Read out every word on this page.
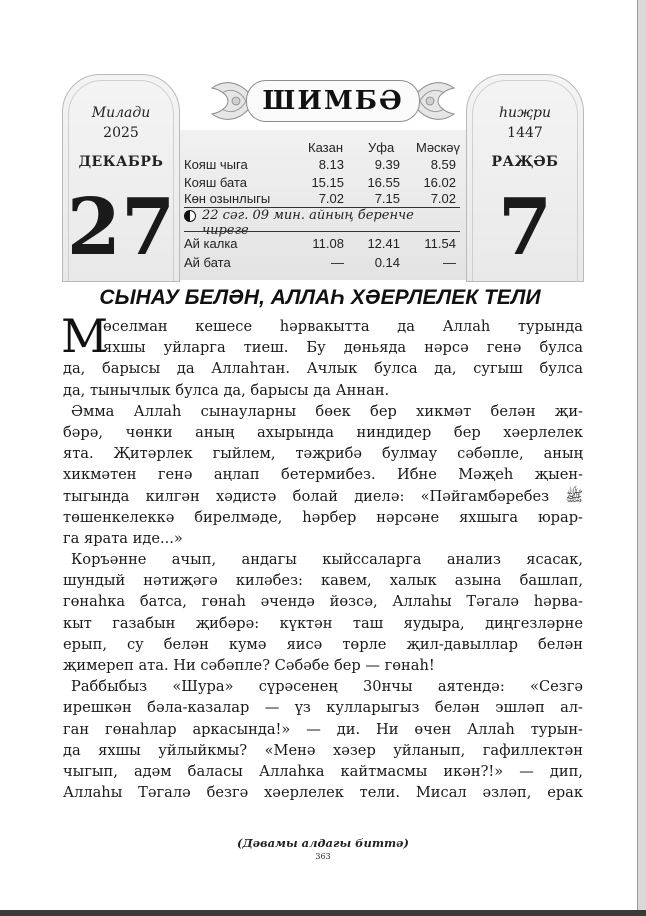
Милади
2025
ДЕКАБРЬ
27
һиҗри
1447
РАҖӘБ
7
ШИМБӘ
Казан Уфа Мәскәү
Кояш чыга	8.13	9.39	8.59
Кояш бата	15.15	16.55	16.02
Көн озынлыгы	7.02	7.15	7.02
22 сәг. 09 мин. айның беренче чирегe
Ай калка	11.08	12.41	11.54
Ай бата	—	0.14	—
СЫНАУ БЕЛӘН, АЛЛАҺ ХӘЕРЛЕЛЕК ТЕЛИ
М
өселман кешесе һәрвакытта да Аллаһ турында
яхшы уйларга тиеш. Бу дөньяда нәрсә генә булса
да, барысы да Аллаһтан. Ачлык булса да, сугыш булса
да, тынычлык булса да, барысы да Аннан.
Әмма Аллаһ сынауларны бөек бер хикмәт белән җи-
бәрә, чөнки аның ахырында ниндидер бер хәерлелек
ята. Җитәрлек гыйлем, тәҗрибә булмау сәбәпле, аның
хикмәтен генә аңлап бетермибез. Ибне Мәҗеһ җыен-
тыгында килгән хәдистә болай диелә: «Пәйгамбәребез ﷺ
төшенкелеккә бирелмәде, һәрбер нәрсәне яхшыга юрар-
га ярата иде...»
Коръәнне ачып, андагы кыйссаларга анализ ясасак,
шундый нәтиҗәгә киләбез: кавем, халык азына башлап,
гөнаһка батса, гөнаһ әчендә йөзсә, Аллаһы Тәгалә һәрва-
кыт газабын җибәрә: күктән таш яудыра, диңгезләрне
ерып, су белән кумә яисә төрле җил-давыллар белән
җимереп ата. Ни сәбәпле? Сәбәбе бер — гөнаһ!
Раббыбыз «Шура» сүрәсенең 30нчы аятендә: «Сезгә
ирешкән бәла-казалар — үз кулларыгыз белән эшләп ал-
ган гөнаһлар аркасында!» — ди. Ни өчен Аллаһ турын-
да яхшы уйлыйкмы? «Менә хәзер уйланып, гафиллектән
чыгып, адәм баласы Аллаһка кайтмасмы икән?!» — дип,
Аллаһы Тәгалә безгә хәерлелек тели. Мисал әзләп, ерак
(Дәвамы алдагы биттә)
363
